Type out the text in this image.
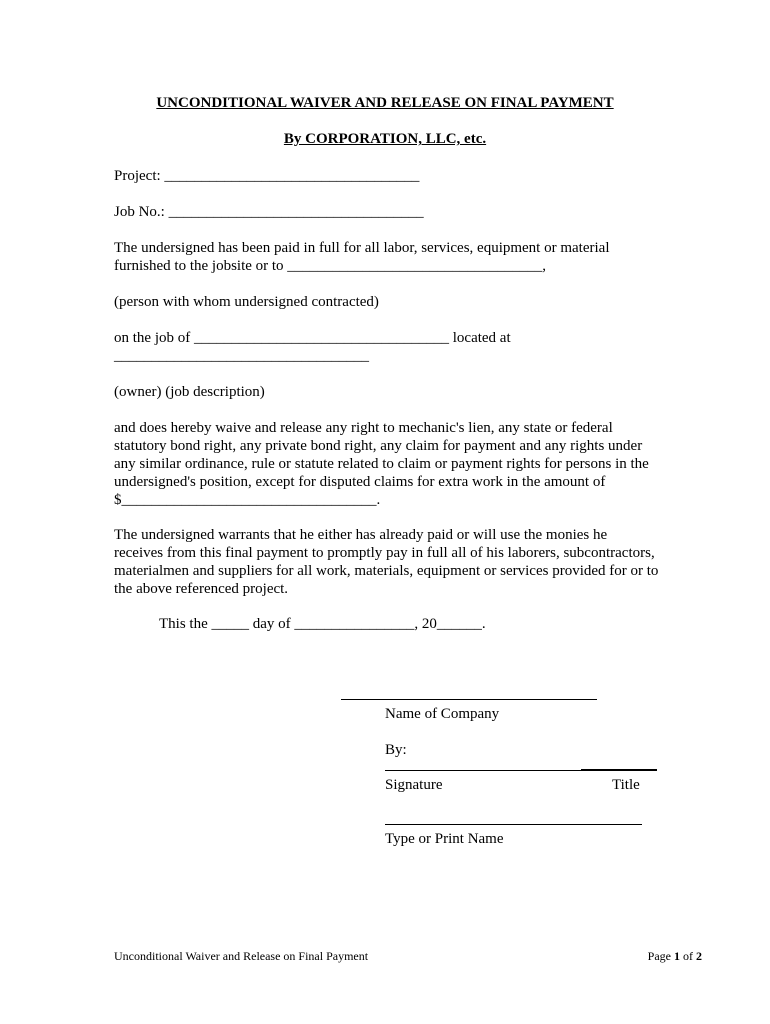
UNCONDITIONAL WAIVER AND RELEASE ON FINAL PAYMENT
By CORPORATION, LLC, etc.
Project: __________________________________
Job No.: __________________________________
The undersigned has been paid in full for all labor, services, equipment or material
furnished to the jobsite or to __________________________________,
(person with whom undersigned contracted)
on the job of __________________________________ located at
__________________________________
(owner) (job description)
and does hereby waive and release any right to mechanic's lien, any state or federal statutory bond right, any private bond right, any claim for payment and any rights under any similar ordinance, rule or statute related to claim or payment rights for persons in the undersigned's position, except for disputed claims for extra work in the amount of $__________________________________.
The undersigned warrants that he either has already paid or will use the monies he receives from this final payment to promptly pay in full all of his laborers, subcontractors, materialmen and suppliers for all work, materials, equipment or services provided for or to the above referenced project.
This the _____ day of ________________, 20______.
Name of Company
By:
Signature	Title
Type or Print Name
Unconditional Waiver and Release on Final Payment	Page 1 of 2
